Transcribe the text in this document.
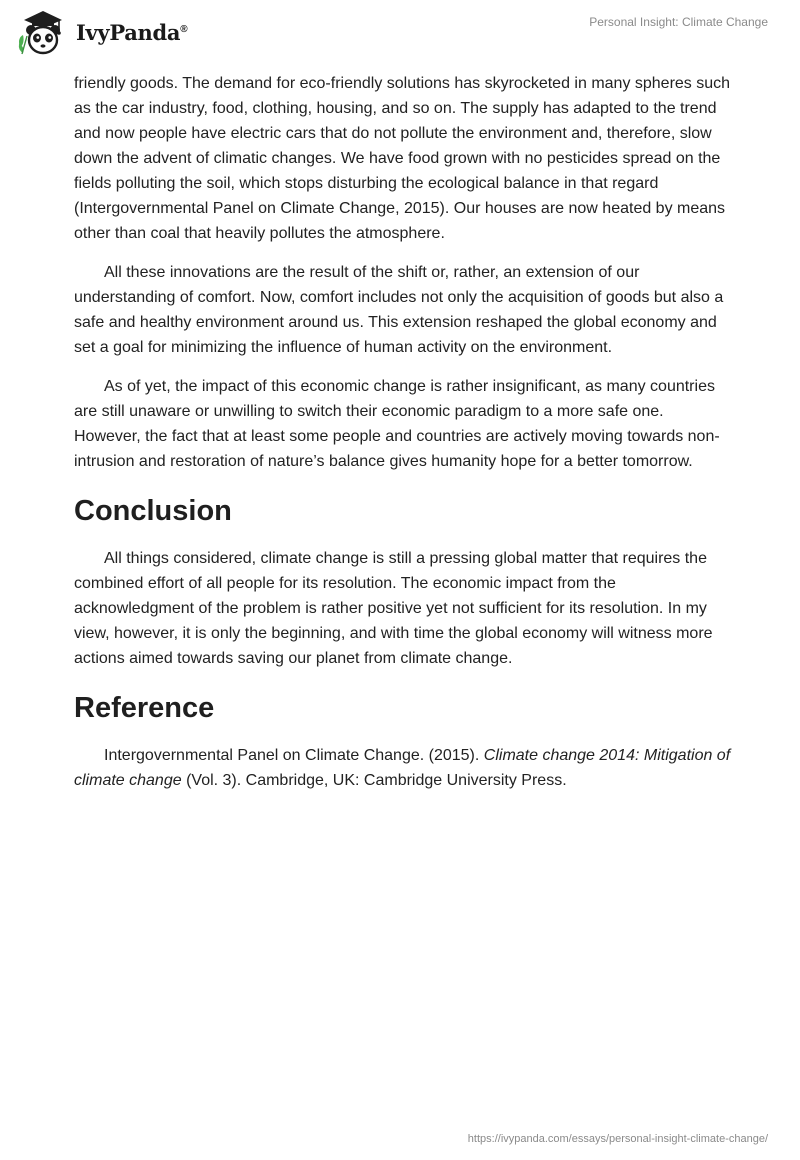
IvyPanda®
Personal Insight: Climate Change

friendly goods. The demand for eco-friendly solutions has skyrocketed in many spheres such as the car industry, food, clothing, housing, and so on. The supply has adapted to the trend and now people have electric cars that do not pollute the environment and, therefore, slow down the advent of climatic changes. We have food grown with no pesticides spread on the fields polluting the soil, which stops disturbing the ecological balance in that regard (Intergovernmental Panel on Climate Change, 2015). Our houses are now heated by means other than coal that heavily pollutes the atmosphere.

All these innovations are the result of the shift or, rather, an extension of our understanding of comfort. Now, comfort includes not only the acquisition of goods but also a safe and healthy environment around us. This extension reshaped the global economy and set a goal for minimizing the influence of human activity on the environment.

As of yet, the impact of this economic change is rather insignificant, as many countries are still unaware or unwilling to switch their economic paradigm to a more safe one. However, the fact that at least some people and countries are actively moving towards non-intrusion and restoration of nature’s balance gives humanity hope for a better tomorrow.

Conclusion

All things considered, climate change is still a pressing global matter that requires the combined effort of all people for its resolution. The economic impact from the acknowledgment of the problem is rather positive yet not sufficient for its resolution. In my view, however, it is only the beginning, and with time the global economy will witness more actions aimed towards saving our planet from climate change.

Reference

Intergovernmental Panel on Climate Change. (2015). Climate change 2014: Mitigation of climate change (Vol. 3). Cambridge, UK: Cambridge University Press.

https://ivypanda.com/essays/personal-insight-climate-change/
